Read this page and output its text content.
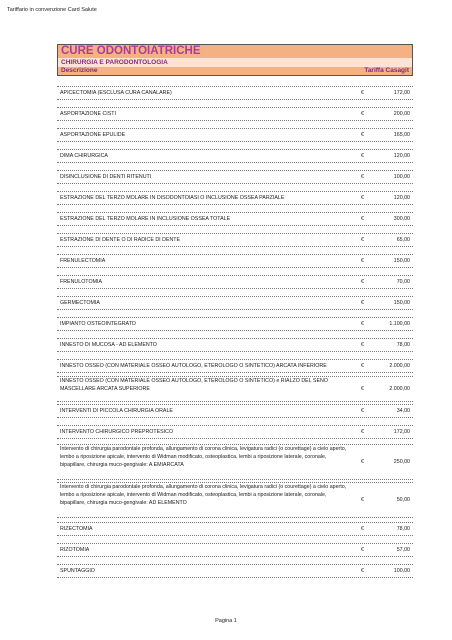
Tariffario in convenzione Card Salute
CURE ODONTOIATRICHE
CHIRURGIA E PARODONTOLOGIA
Descrizione	Tariffa Casagit
APICECTOMIA (ESCLUSA CURA CANALARE)	€	172,00
ASPORTAZIONE CISTI	€	200,00
ASPORTAZIONE EPULIDE	€	165,00
DIMA CHIRURGICA	€	120,00
DISINCLUSIONE DI DENTI RITENUTI	€	100,00
ESTRAZIONE DEL TERZO MOLARE IN DISODONTOIASI O INCLUSIONE OSSEA PARZIALE	€	120,00
ESTRAZIONE DEL TERZO MOLARE IN INCLUSIONE OSSEA TOTALE	€	300,00
ESTRAZIONE DI DENTE O DI RADICE DI DENTE	€	65,00
FRENULECTOMIA	€	150,00
FRENULOTOMIA	€	70,00
GERMECTOMIA	€	150,00
IMPIANTO OSTEOINTEGRATO	€	1.100,00
INNESTO DI MUCOSA - AD ELEMENTO	€	78,00
INNESTO OSSEO (CON MATERIALE OSSEO AUTOLOGO, ETEROLOGO O SINTETICO) ARCATA INFERIORE	€	2.000,00
INNESTO OSSEO (CON MATERIALE OSSEO AUTOLOGO, ETEROLOGO O SINTETICO) e RIALZO DEL SENO MASCELLARE ARCATA SUPERIORE	€	2.000,00
INTERVENTI DI PICCOLA CHIRURGIA ORALE	€	34,00
INTERVENTO CHIRURGICO PREPROTESICO	€	172,00
Intervento di chirurgia parodontale profonda, allungamento di corona clinica, levigatura radici (o courettage) a cielo aperto, lembo a riposizione apicale, intervento di Widman modificato, osteoplastica, lembi a riposizione laterale, coronale, bipapillare, chirurgia muco-gengivale: A EMIARCATA	€	250,00
Intervento di chirurgia parodontale profonda, allungamento di corona clinica, levigatura radici (o courettage) a cielo aperto, lembo a riposizione apicale, intervento di Widman modificato, osteoplastica, lembi a riposizione laterale, coronale, bipapillare, chirurgia muco-gengivale: AD ELEMENTO	€	50,00
RIZECTOMIA	€	78,00
RIZOTOMIA	€	57,00
SPUNTAGGIO	€	100,00
Pagina 1
